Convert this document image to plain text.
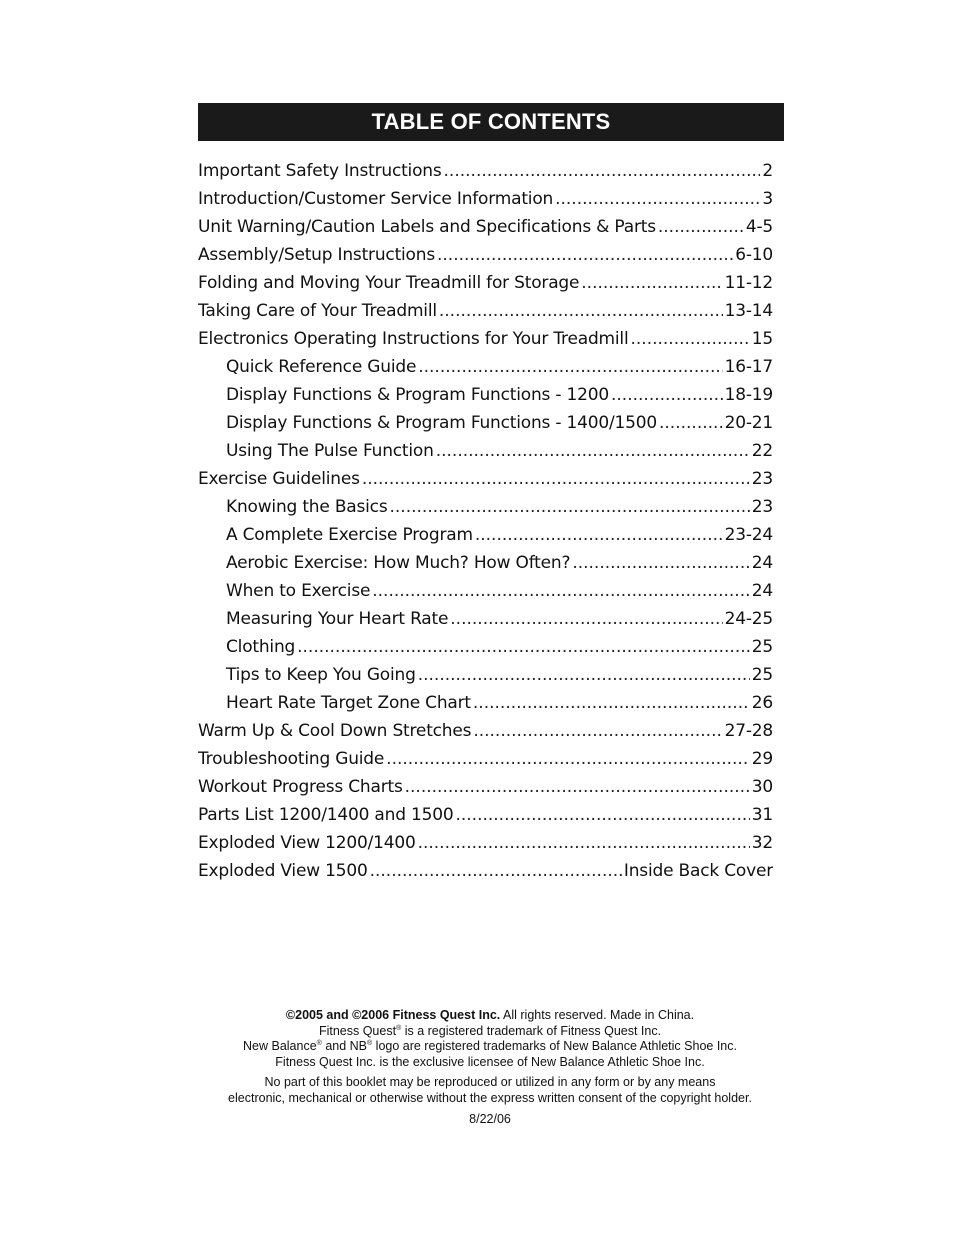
TABLE OF CONTENTS
Important Safety Instructions .....	2
Introduction/Customer Service Information .....	3
Unit Warning/Caution Labels and Specifications & Parts .....	4-5
Assembly/Setup Instructions .....	6-10
Folding and Moving Your Treadmill for Storage .....	11-12
Taking Care of Your Treadmill .....	13-14
Electronics Operating Instructions for Your Treadmill .....	15
Quick Reference Guide .....	16-17
Display Functions & Program Functions - 1200 .....	18-19
Display Functions & Program Functions - 1400/1500 .....	20-21
Using The Pulse Function .....	22
Exercise Guidelines .....	23
Knowing the Basics .....	23
A Complete Exercise Program .....	23-24
Aerobic Exercise: How Much? How Often? .....	24
When to Exercise .....	24
Measuring Your Heart Rate .....	24-25
Clothing .....	25
Tips to Keep You Going .....	25
Heart Rate Target Zone Chart .....	26
Warm Up & Cool Down Stretches .....	27-28
Troubleshooting Guide .....	29
Workout Progress Charts .....	30
Parts List 1200/1400 and 1500 .....	31
Exploded View 1200/1400 .....	32
Exploded View 1500 .....	Inside Back Cover

©2005 and ©2006 Fitness Quest Inc. All rights reserved. Made in China.

Fitness Quest® is a registered trademark of Fitness Quest Inc.

New Balance® and NB® logo are registered trademarks of New Balance Athletic Shoe Inc.

Fitness Quest Inc. is the exclusive licensee of New Balance Athletic Shoe Inc.

No part of this booklet may be reproduced or utilized in any form or by any means

electronic, mechanical or otherwise without the express written consent of the copyright holder.

8/22/06
